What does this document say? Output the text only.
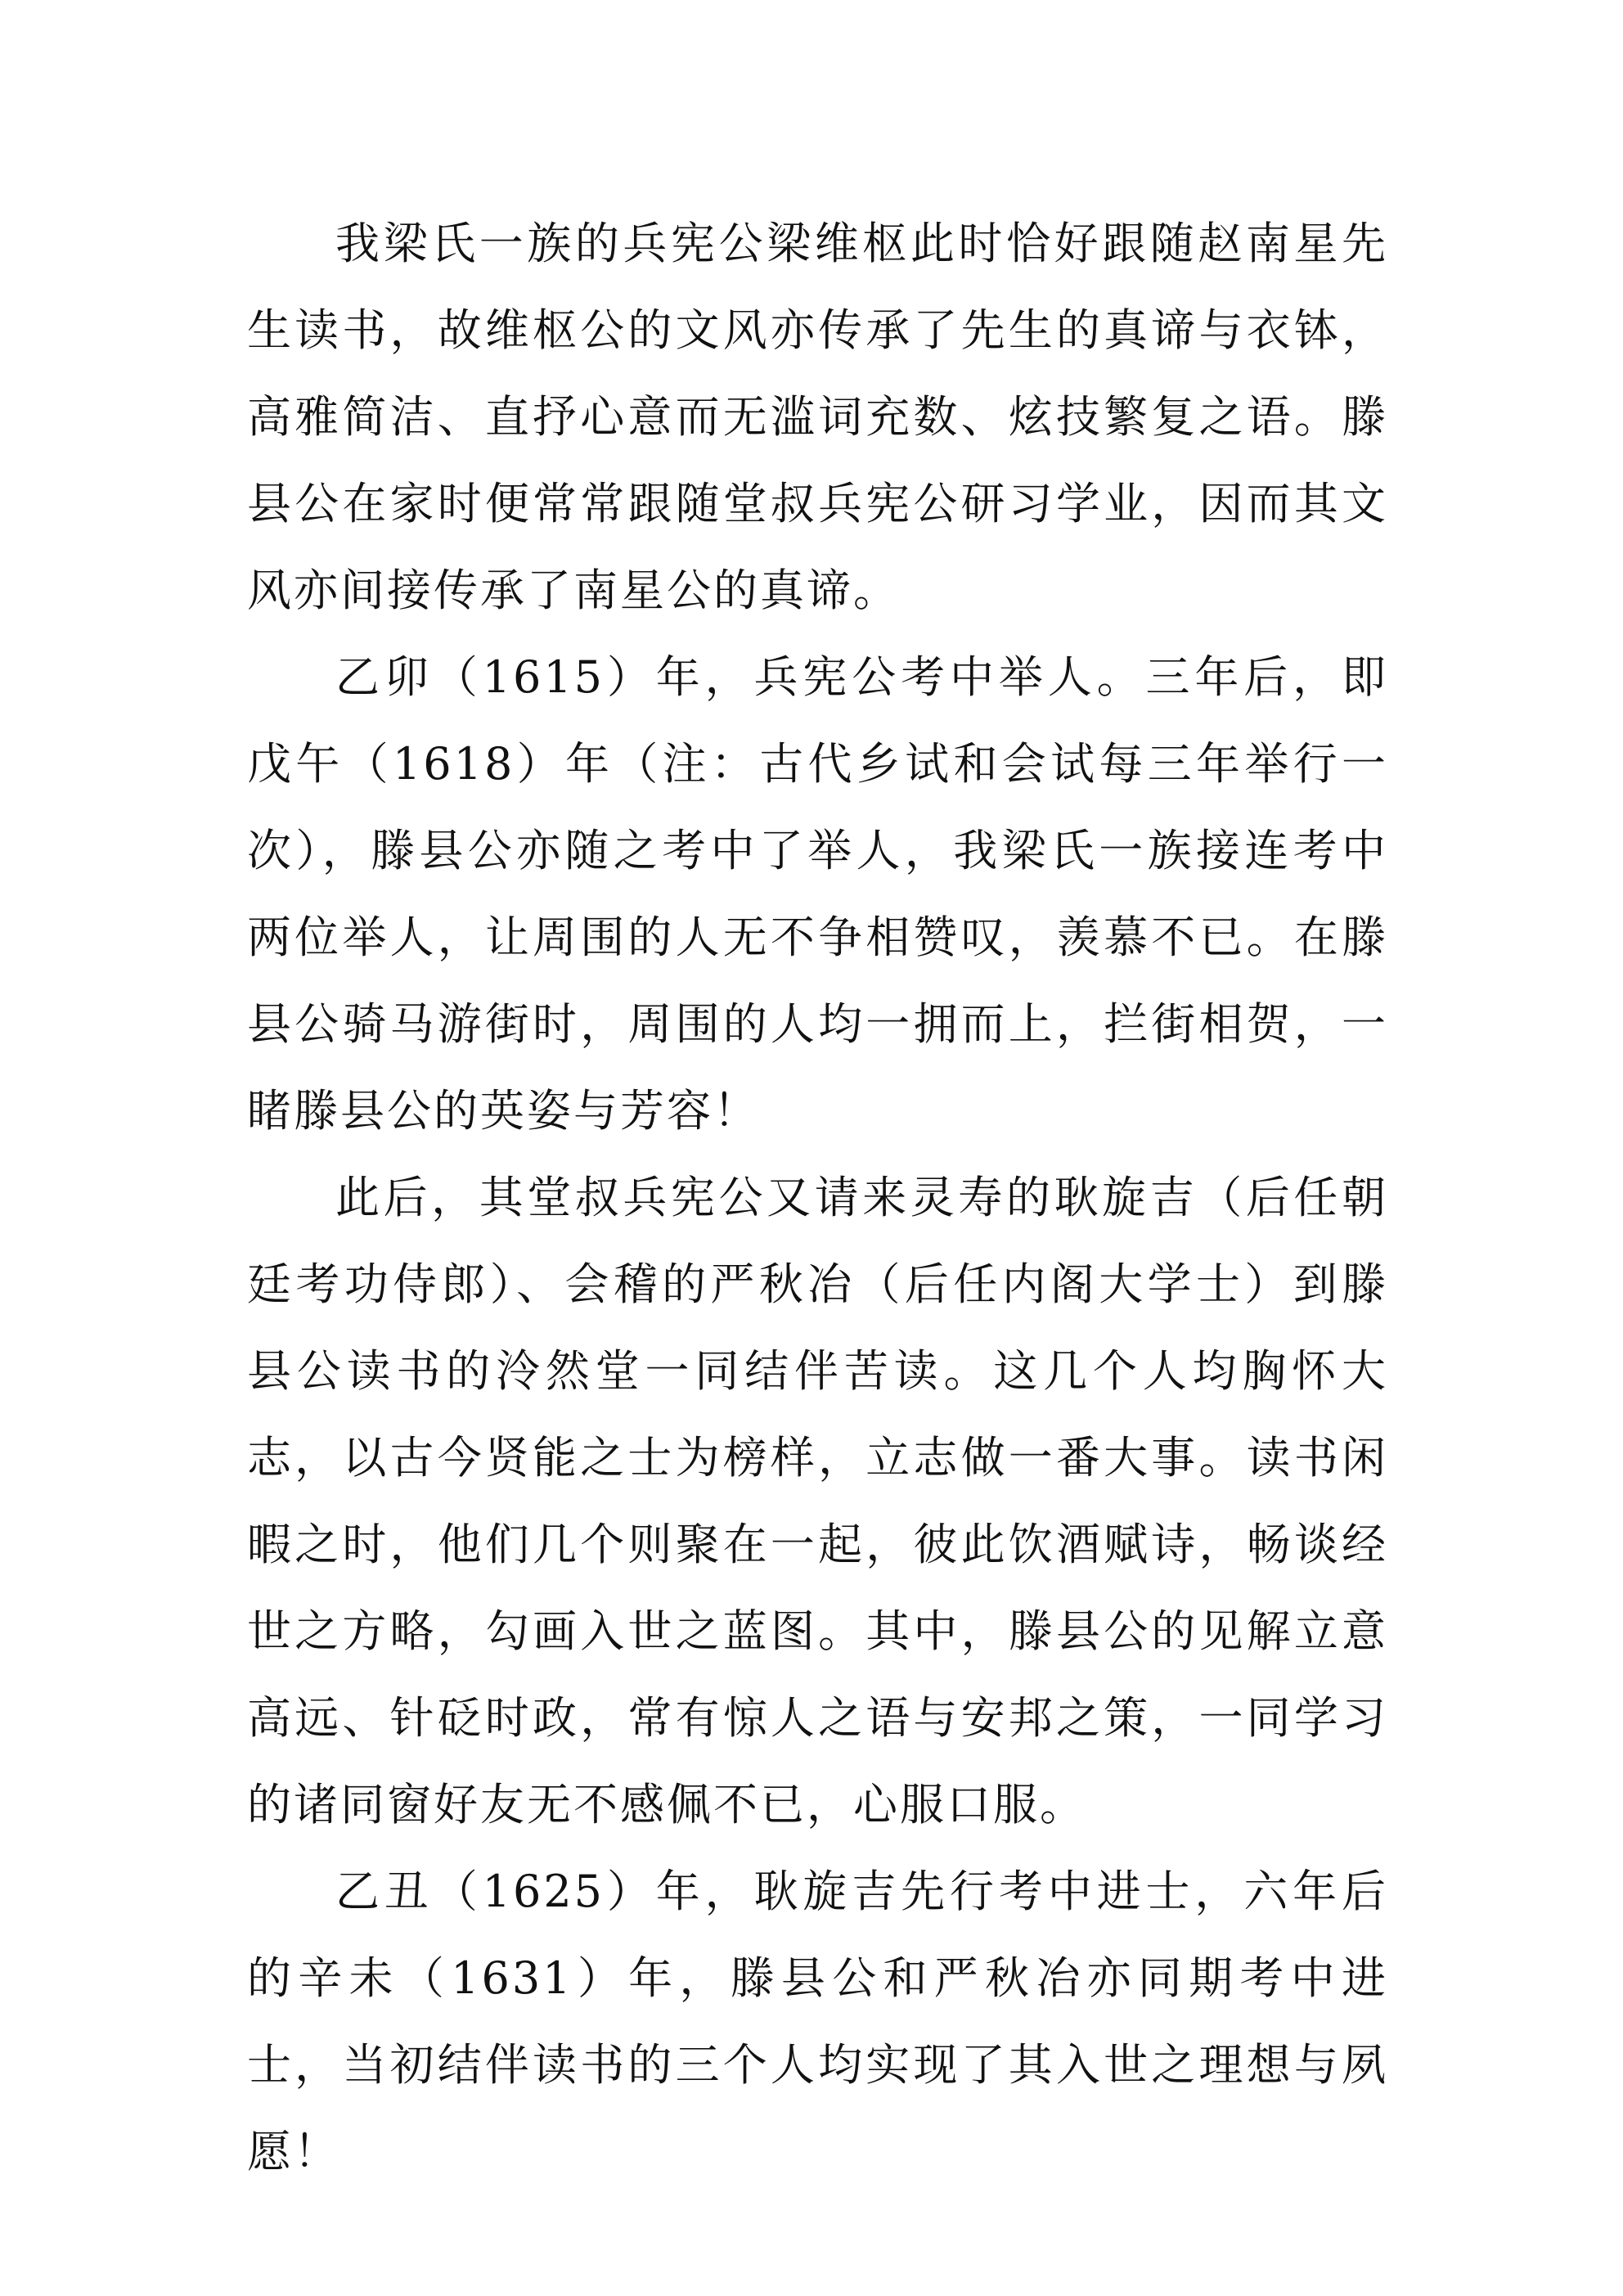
我梁氏一族的兵宪公梁维枢此时恰好跟随赵南星先生读书，故维枢公的文风亦传承了先生的真谛与衣钵，高雅简洁、直抒心意而无滥词充数、炫技繁复之语。滕县公在家时便常常跟随堂叔兵宪公研习学业，因而其文风亦间接传承了南星公的真谛。

乙卯（1615）年，兵宪公考中举人。三年后，即戊午（1618）年（注：古代乡试和会试每三年举行一次），滕县公亦随之考中了举人，我梁氏一族接连考中两位举人，让周围的人无不争相赞叹，羡慕不已。在滕县公骑马游街时，周围的人均一拥而上，拦街相贺，一睹滕县公的英姿与芳容！

此后，其堂叔兵宪公又请来灵寿的耿旋吉（后任朝廷考功侍郎）、会稽的严秋冶（后任内阁大学士）到滕县公读书的泠然堂一同结伴苦读。这几个人均胸怀大志，以古今贤能之士为榜样，立志做一番大事。读书闲暇之时，他们几个则聚在一起，彼此饮酒赋诗，畅谈经世之方略，勾画入世之蓝图。其中，滕县公的见解立意高远、针砭时政，常有惊人之语与安邦之策，一同学习的诸同窗好友无不感佩不已，心服口服。

乙丑（1625）年，耿旋吉先行考中进士，六年后的辛未（1631）年，滕县公和严秋冶亦同期考中进士，当初结伴读书的三个人均实现了其入世之理想与夙愿！
